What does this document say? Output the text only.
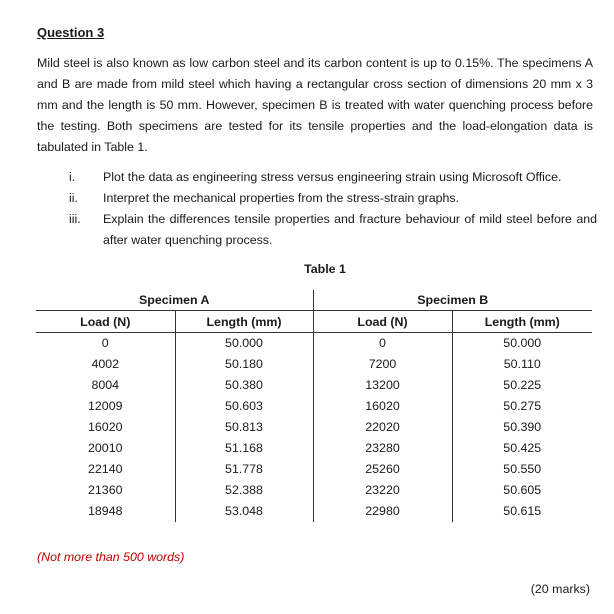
Question 3

Mild steel is also known as low carbon steel and its carbon content is up to 0.15%. The specimens A and B are made from mild steel which having a rectangular cross section of dimensions 20 mm x 3 mm and the length is 50 mm. However, specimen B is treated with water quenching process before the testing. Both specimens are tested for its tensile properties and the load-elongation data is tabulated in Table 1.

i.	Plot the data as engineering stress versus engineering strain using Microsoft Office.
ii.	Interpret the mechanical properties from the stress-strain graphs.
iii.	Explain the differences tensile properties and fracture behaviour of mild steel before and after water quenching process.
Table 1
Specimen A		Specimen B	
Load (N)	Length (mm)	Load (N)	Length (mm)
0	50.000	0	50.000
4002	50.180	7200	50.110
8004	50.380	13200	50.225
12009	50.603	16020	50.275
16020	50.813	22020	50.390
20010	51.168	23280	50.425
22140	51.778	25260	50.550
21360	52.388	23220	50.605
18948	53.048	22980	50.615
(Not more than 500 words)
(20 marks)
